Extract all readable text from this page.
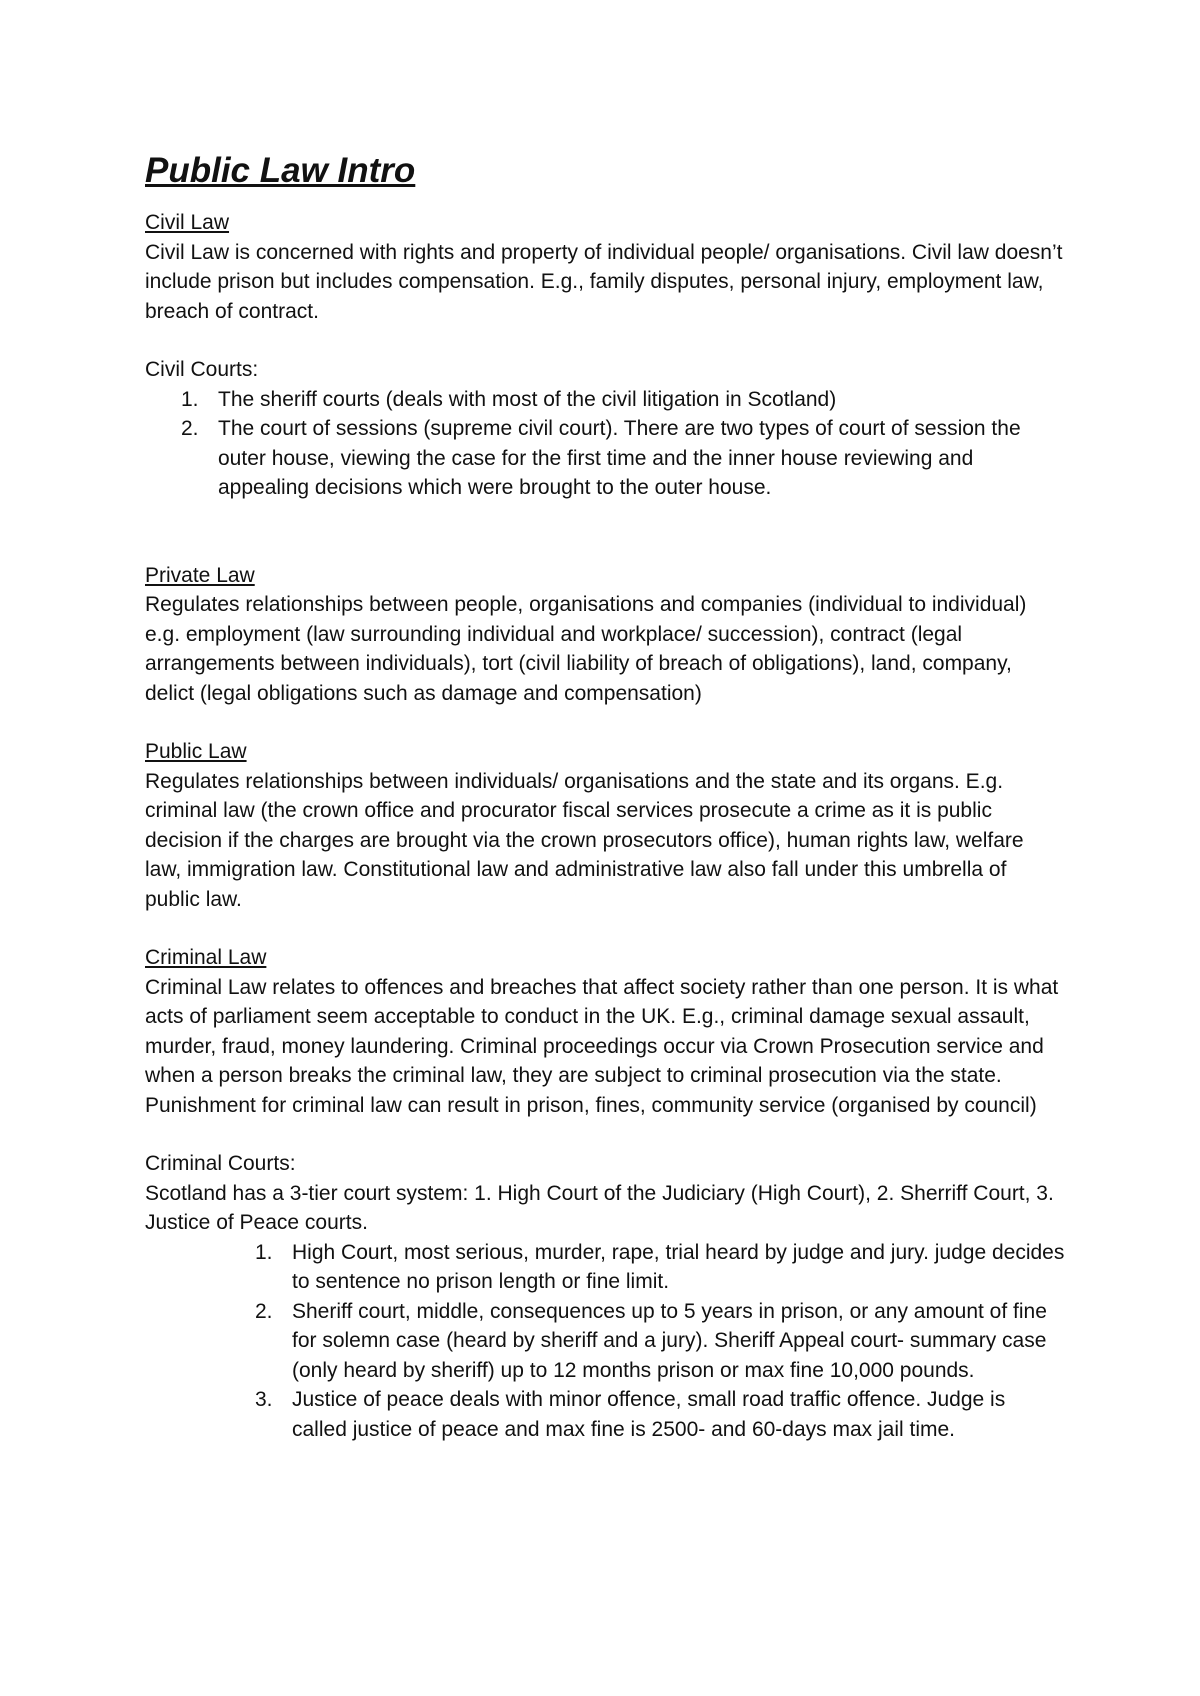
Public Law Intro
Civil Law

Civil Law is concerned with rights and property of individual people/ organisations. Civil law doesn’t include prison but includes compensation. E.g., family disputes, personal injury, employment law, breach of contract.

Civil Courts:
1. The sheriff courts (deals with most of the civil litigation in Scotland)
2. The court of sessions (supreme civil court). There are two types of court of session the outer house, viewing the case for the first time and the inner house reviewing and appealing decisions which were brought to the outer house.
Private Law

Regulates relationships between people, organisations and companies (individual to individual) e.g. employment (law surrounding individual and workplace/ succession), contract (legal arrangements between individuals), tort (civil liability of breach of obligations), land, company, delict (legal obligations such as damage and compensation)

Public Law

Regulates relationships between individuals/ organisations and the state and its organs. E.g. criminal law (the crown office and procurator fiscal services prosecute a crime as it is public decision if the charges are brought via the crown prosecutors office), human rights law, welfare law, immigration law. Constitutional law and administrative law also fall under this umbrella of public law.

Criminal Law

Criminal Law relates to offences and breaches that affect society rather than one person. It is what acts of parliament seem acceptable to conduct in the UK. E.g., criminal damage sexual assault, murder, fraud, money laundering. Criminal proceedings occur via Crown Prosecution service and when a person breaks the criminal law, they are subject to criminal prosecution via the state. Punishment for criminal law can result in prison, fines, community service (organised by council)

Criminal Courts:

Scotland has a 3-tier court system: 1. High Court of the Judiciary (High Court), 2. Sherriff Court, 3. Justice of Peace courts.

1. High Court, most serious, murder, rape, trial heard by judge and jury. judge decides to sentence no prison length or fine limit.
2. Sheriff court, middle, consequences up to 5 years in prison, or any amount of fine for solemn case (heard by sheriff and a jury). Sheriff Appeal court- summary case (only heard by sheriff) up to 12 months prison or max fine 10,000 pounds.
3. Justice of peace deals with minor offence, small road traffic offence. Judge is called justice of peace and max fine is 2500- and 60-days max jail time.
